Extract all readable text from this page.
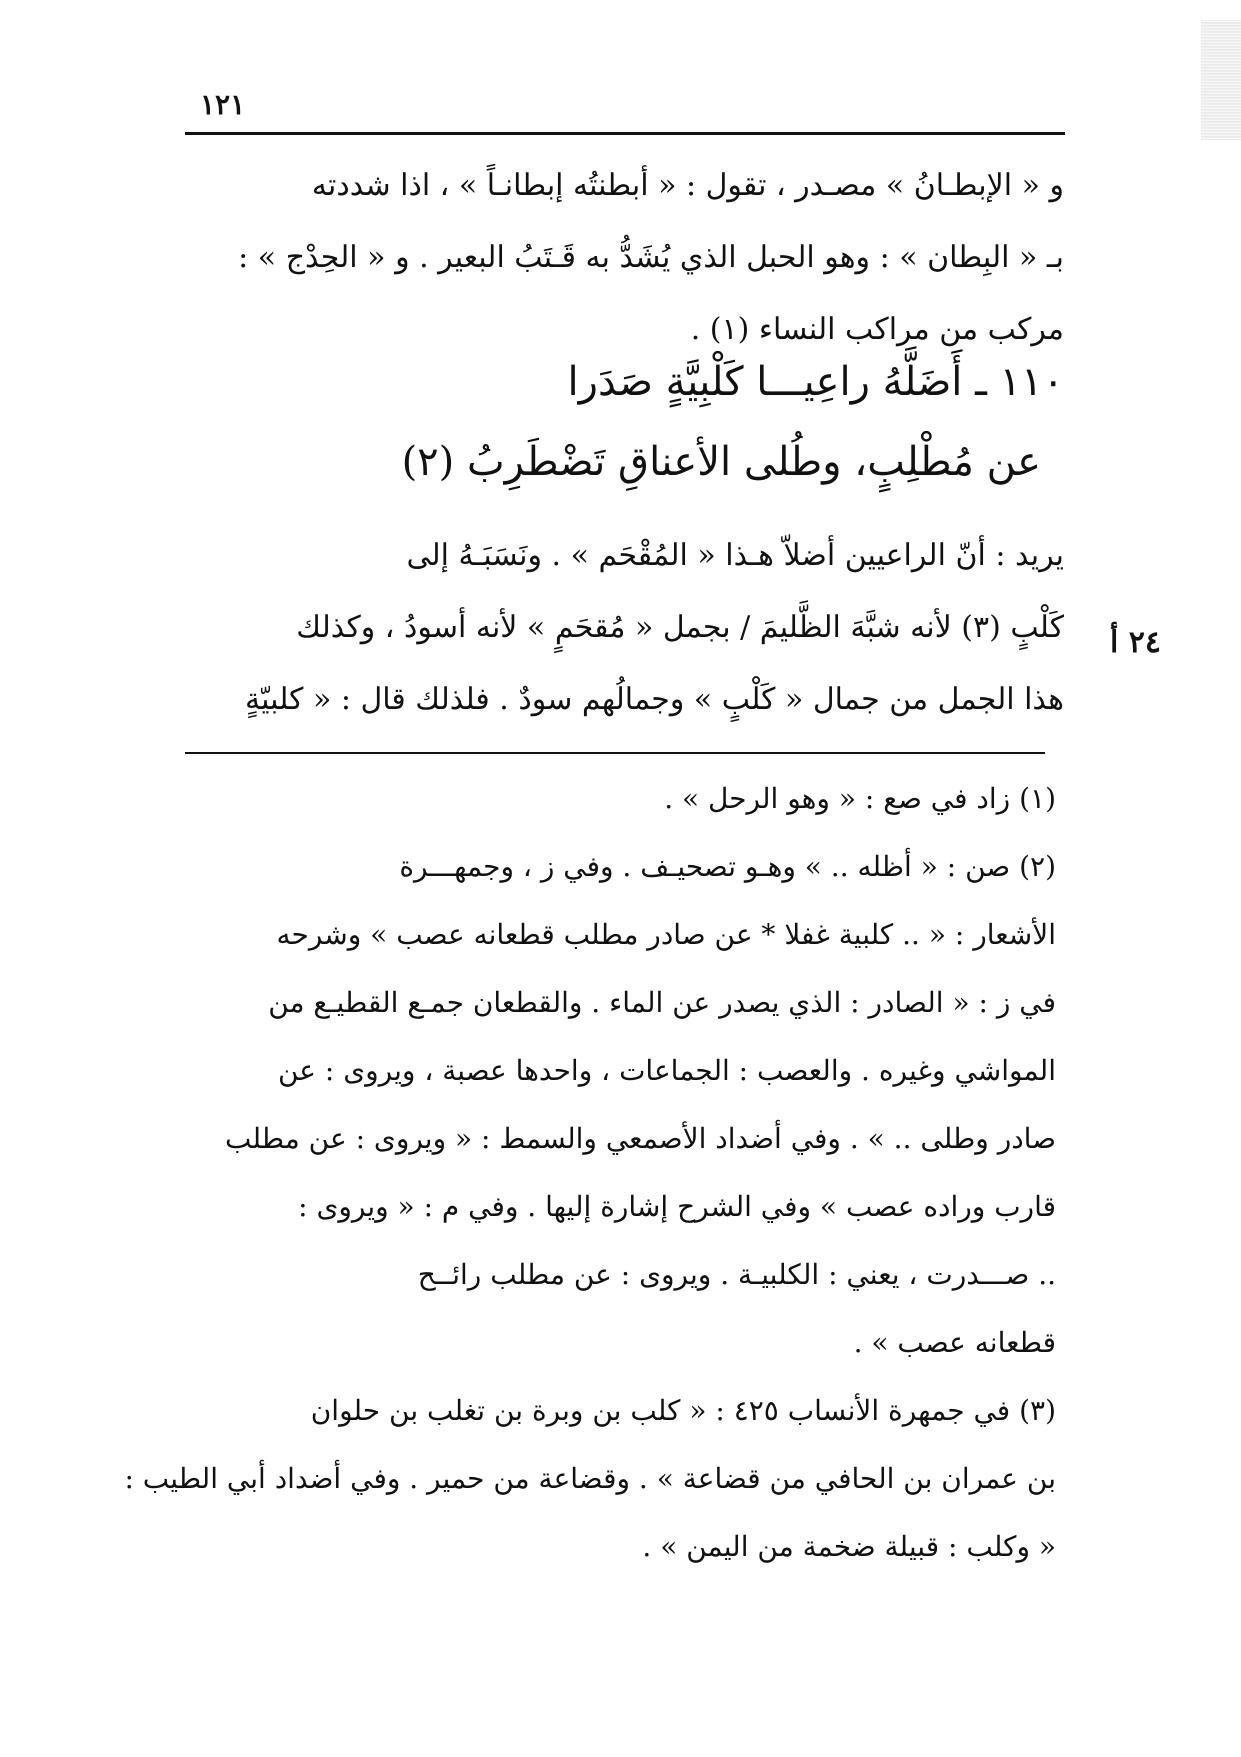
١٢١
و « الإبطـانُ » مصـدر ، تقول : « أبطنتُه إبطانـاً » ، اذا شددته
بـ « البِطان » : وهو الحبل الذي يُشَدُّ به قَـتَبُ البعير . و « الحِدْج » :
مركب من مراكب النساء (١) .
١١٠ ـ أَضَلَّهُ راعِيـــا كَلْبِيَّةٍ صَدَرا
عن مُطْلِبٍ، وطُلى الأعناقِ تَضْطَرِبُ (٢)
يريد : أنّ الراعيين أضلاّ هـذا « المُقْحَم » . ونَسَبَـهُ إلى
كَلْبٍ (٣) لأنه شبَّهَ الظَّليمَ / بجمل « مُقحَمٍ » لأنه أسودُ ، وكذلك
هذا الجمل من جمال « كَلْبٍ » وجمالُهم سودٌ . فلذلك قال : « كلبيّةٍ
٢٤ أ
(١) زاد في صع : « وهو الرحل » .
(٢) صن : « أظله .. » وهـو تصحيـف . وفي ز ، وجمهـــرة
الأشعار : « .. كلبية غفلا * عن صادر مطلب قطعانه عصب » وشرحه
في ز : « الصادر : الذي يصدر عن الماء . والقطعان جمـع القطيـع من
المواشي وغيره . والعصب : الجماعات ، واحدها عصبة ، ويروى : عن
صادر وطلى .. » . وفي أضداد الأصمعي والسمط : « ويروى : عن مطلب
قارب وراده عصب » وفي الشرح إشارة إليها . وفي م : « ويروى :
.. صـــدرت ، يعني : الكلبيـة . ويروى : عن مطلب رائــح
قطعانه عصب » .
(٣) في جمهرة الأنساب ٤٢٥ : « كلب بن وبرة بن تغلب بن حلوان
بن عمران بن الحافي من قضاعة » . وقضاعة من حمير . وفي أضداد أبي الطيب :
« وكلب : قبيلة ضخمة من اليمن » .
